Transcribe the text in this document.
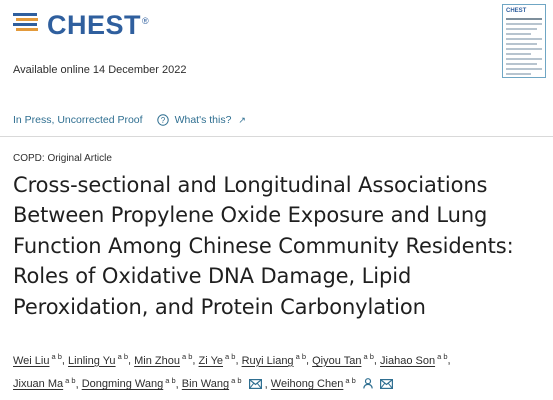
CHEST®
Available online 14 December 2022
CHEST
In Press, Uncorrected Proof ? What's this? ↗
COPD: Original Article
Cross-sectional and Longitudinal Associations Between Propylene Oxide Exposure and Lung Function Among Chinese Community Residents: Roles of Oxidative DNA Damage, Lipid Peroxidation, and Protein Carbonylation
Wei Liu $^{a b}$, Linling Yu $^{a b}$, Min Zhou $^{a b}$, Zi Ye $^{a b}$, Ruyi Liang $^{a b}$, Qiyou Tan $^{a b}$, Jiahao Son $^{a b}$,
Jixuan Ma $^{a b}$, Dongming Wang $^{a b}$, Bin Wang $^{a b}$ , Weihong Chen $^{a b}$
